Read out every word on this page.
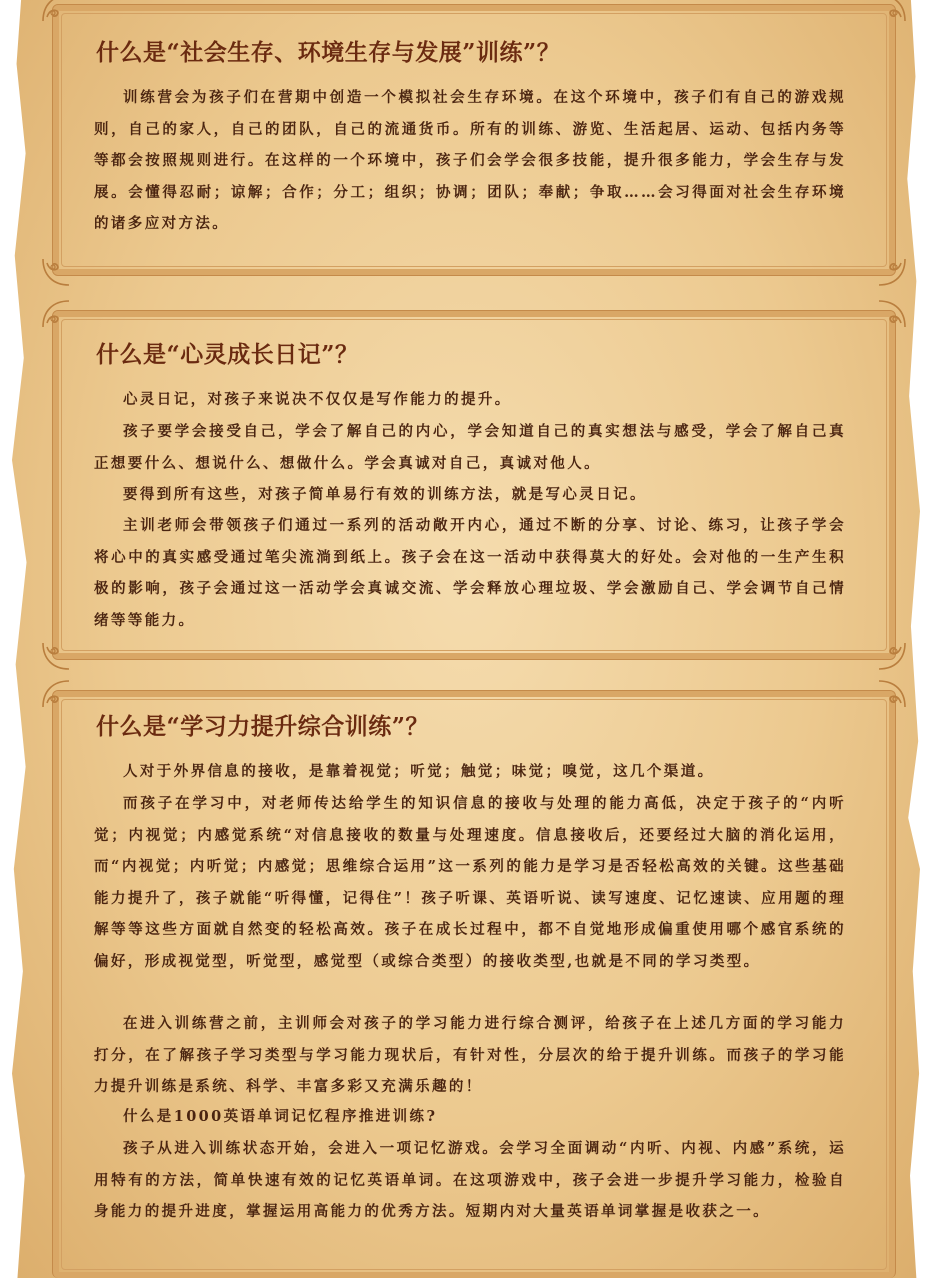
什么是“社会生存、环境生存与发展”训练”？

训练营会为孩子们在营期中创造一个模拟社会生存环境。在这个环境中，孩子们有自己的游戏规则，自己的家人，自己的团队，自己的流通货币。所有的训练、游览、生活起居、运动、包括内务等等都会按照规则进行。在这样的一个环境中，孩子们会学会很多技能，提升很多能力，学会生存与发展。会懂得忍耐；谅解；合作；分工；组织；协调；团队；奉献；争取……会习得面对社会生存环境的诸多应对方法。

什么是“心灵成长日记”？

心灵日记，对孩子来说决不仅仅是写作能力的提升。

孩子要学会接受自己，学会了解自己的内心，学会知道自己的真实想法与感受，学会了解自己真正想要什么、想说什么、想做什么。学会真诚对自己，真诚对他人。

要得到所有这些，对孩子简单易行有效的训练方法，就是写心灵日记。

主训老师会带领孩子们通过一系列的活动敞开内心，通过不断的分享、讨论、练习，让孩子学会将心中的真实感受通过笔尖流淌到纸上。孩子会在这一活动中获得莫大的好处。会对他的一生产生积极的影响，孩子会通过这一活动学会真诚交流、学会释放心理垃圾、学会激励自己、学会调节自己情绪等等能力。

什么是“学习力提升综合训练”？

人对于外界信息的接收，是靠着视觉；听觉；触觉；味觉；嗅觉，这几个渠道。

而孩子在学习中，对老师传达给学生的知识信息的接收与处理的能力高低，决定于孩子的“内听觉；内视觉；内感觉系统“对信息接收的数量与处理速度。信息接收后，还要经过大脑的消化运用，而“内视觉；内听觉；内感觉；思维综合运用”这一系列的能力是学习是否轻松高效的关键。这些基础能力提升了，孩子就能“听得懂，记得住”！孩子听课、英语听说、读写速度、记忆速读、应用题的理解等等这些方面就自然变的轻松高效。孩子在成长过程中，都不自觉地形成偏重使用哪个感官系统的偏好，形成视觉型，听觉型，感觉型（或综合类型）的接收类型,也就是不同的学习类型。

在进入训练营之前，主训师会对孩子的学习能力进行综合测评，给孩子在上述几方面的学习能力打分，在了解孩子学习类型与学习能力现状后，有针对性，分层次的给于提升训练。而孩子的学习能力提升训练是系统、科学、丰富多彩又充满乐趣的！

什么是1000英语单词记忆程序推进训练?

孩子从进入训练状态开始，会进入一项记忆游戏。会学习全面调动“内听、内视、内感”系统，运用特有的方法，简单快速有效的记忆英语单词。在这项游戏中，孩子会进一步提升学习能力，检验自身能力的提升进度，掌握运用高能力的优秀方法。短期内对大量英语单词掌握是收获之一。
